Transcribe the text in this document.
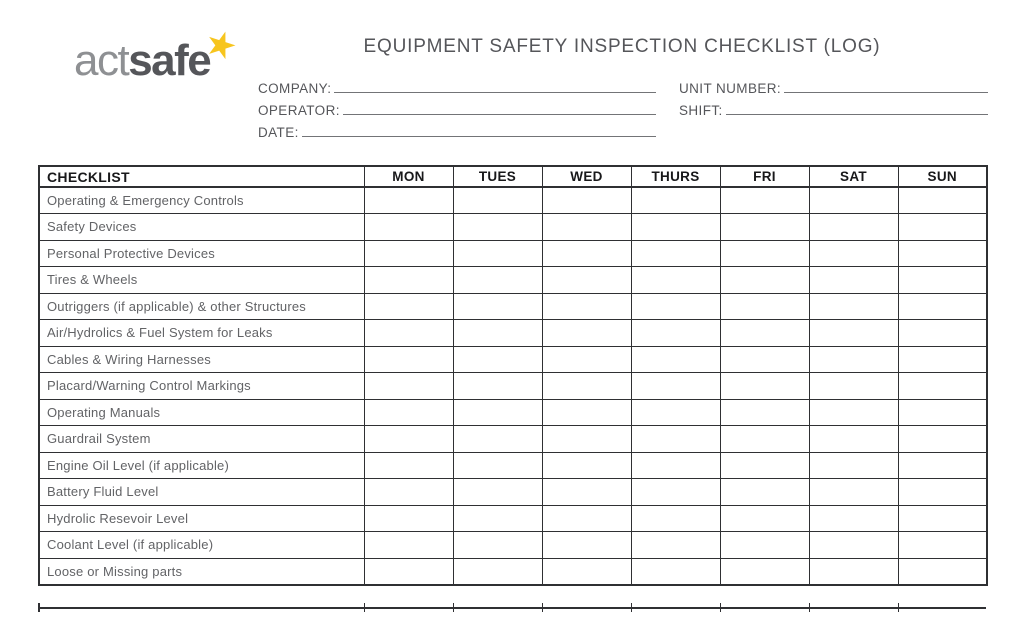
actsafe★	EQUIPMENT SAFETY INSPECTION CHECKLIST (LOG)
COMPANY:
OPERATOR:
DATE:
UNIT NUMBER:
SHIFT:
CHECKLIST	MON	TUES	WED	THURS	FRI	SAT	SUN
Operating & Emergency Controls							
Safety Devices							
Personal Protective Devices							
Tires & Wheels							
Outriggers (if applicable) & other Structures							
Air/Hydrolics & Fuel System for Leaks							
Cables & Wiring Harnesses							
Placard/Warning Control Markings							
Operating Manuals							
Guardrail System							
Engine Oil Level (if applicable)							
Battery Fluid Level							
Hydrolic Resevoir Level							
Coolant Level (if applicable)							
Loose or Missing parts							
